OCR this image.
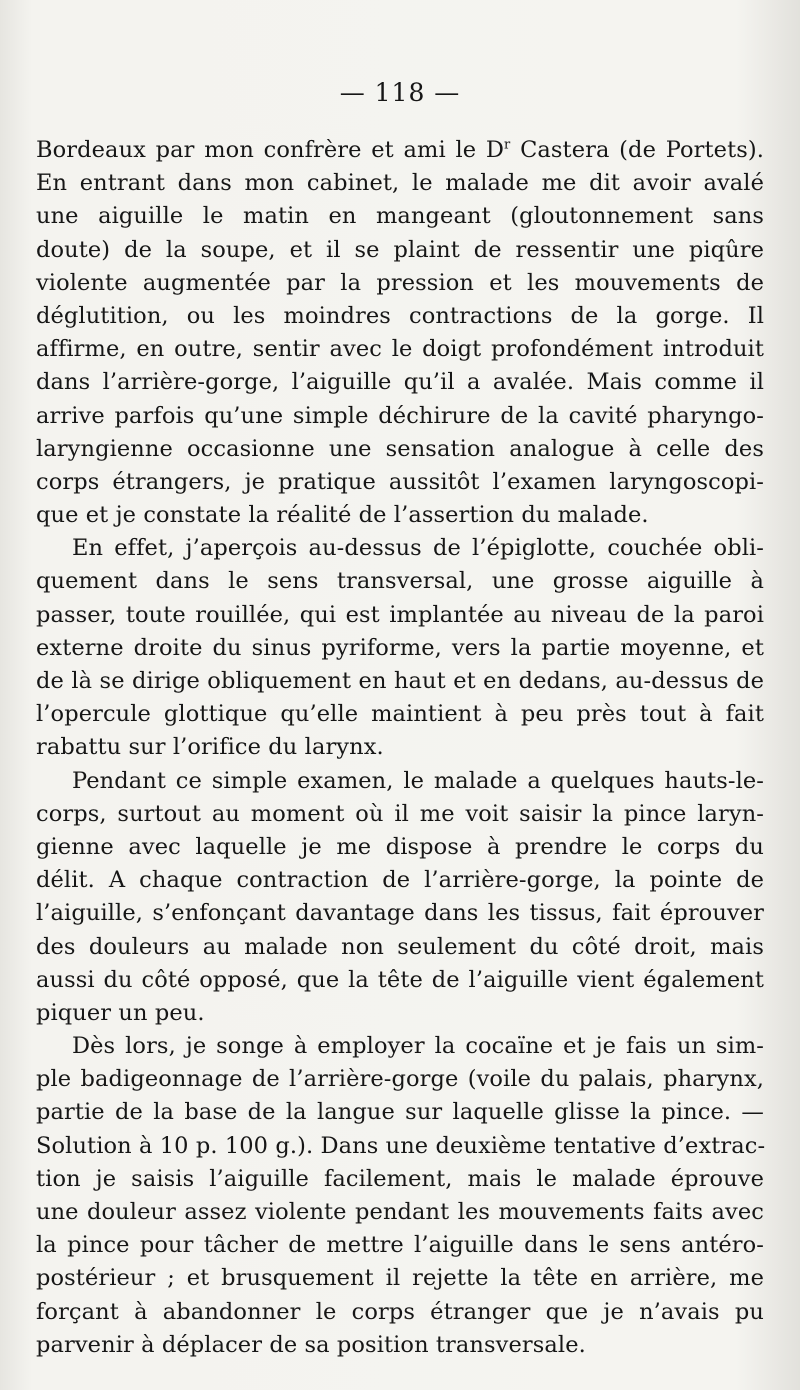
— 118 —
Bordeaux par mon confrère et ami le $D^r$ Castera (de Portets).
En entrant dans mon cabinet, le malade me dit avoir avalé
une aiguille le matin en mangeant (gloutonnement sans
doute) de la soupe, et il se plaint de ressentir une piqûre
violente augmentée par la pression et les mouvements de
déglutition, ou les moindres contractions de la gorge. Il
affirme, en outre, sentir avec le doigt profondément introduit
dans l’arrière-gorge, l’aiguille qu’il a avalée. Mais comme il
arrive parfois qu’une simple déchirure de la cavité pharyngo-
laryngienne occasionne une sensation analogue à celle des
corps étrangers, je pratique aussitôt l’examen laryngoscopi-
que et je constate la réalité de l’assertion du malade.
En effet, j’aperçois au-dessus de l’épiglotte, couchée obli-
quement dans le sens transversal, une grosse aiguille à
passer, toute rouillée, qui est implantée au niveau de la paroi
externe droite du sinus pyriforme, vers la partie moyenne, et
de là se dirige obliquement en haut et en dedans, au-dessus de
l’opercule glottique qu’elle maintient à peu près tout à fait
rabattu sur l’orifice du larynx.
Pendant ce simple examen, le malade a quelques hauts-le-
corps, surtout au moment où il me voit saisir la pince laryn-
gienne avec laquelle je me dispose à prendre le corps du
délit. A chaque contraction de l’arrière-gorge, la pointe de
l’aiguille, s’enfonçant davantage dans les tissus, fait éprouver
des douleurs au malade non seulement du côté droit, mais
aussi du côté opposé, que la tête de l’aiguille vient également
piquer un peu.
Dès lors, je songe à employer la cocaïne et je fais un sim-
ple badigeonnage de l’arrière-gorge (voile du palais, pharynx,
partie de la base de la langue sur laquelle glisse la pince. —
Solution à 10 p. 100 g.). Dans une deuxième tentative d’extrac-
tion je saisis l’aiguille facilement, mais le malade éprouve
une douleur assez violente pendant les mouvements faits avec
la pince pour tâcher de mettre l’aiguille dans le sens antéro-
postérieur ; et brusquement il rejette la tête en arrière, me
forçant à abandonner le corps étranger que je n’avais pu
parvenir à déplacer de sa position transversale.
